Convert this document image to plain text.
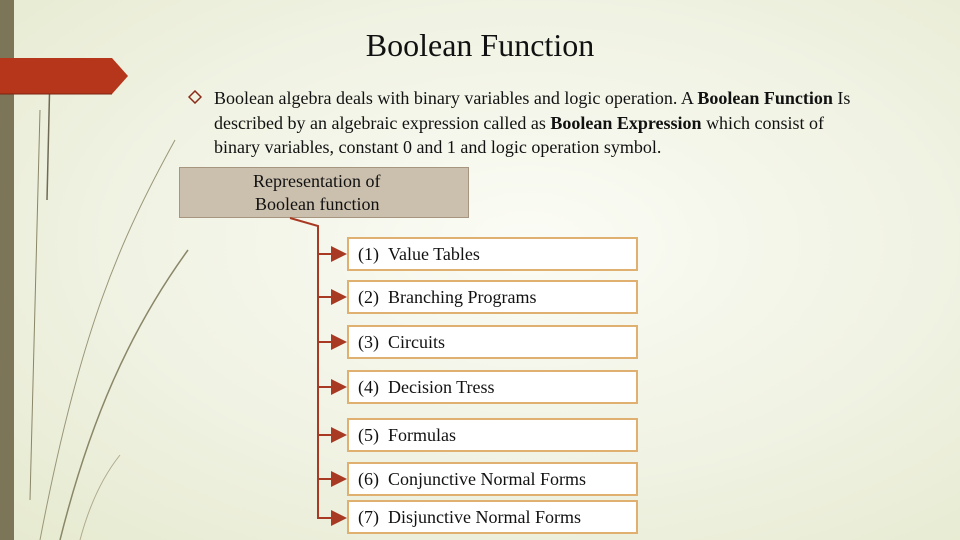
Boolean Function
Boolean algebra deals with binary variables and logic operation. A Boolean Function Is described by an algebraic expression called as Boolean Expression which consist of binary variables, constant 0 and 1 and logic operation symbol.
Representation of
Boolean function
(1) Value Tables
(2) Branching Programs
(3) Circuits
(4) Decision Tress
(5) Formulas
(6) Conjunctive Normal Forms
(7) Disjunctive Normal Forms
